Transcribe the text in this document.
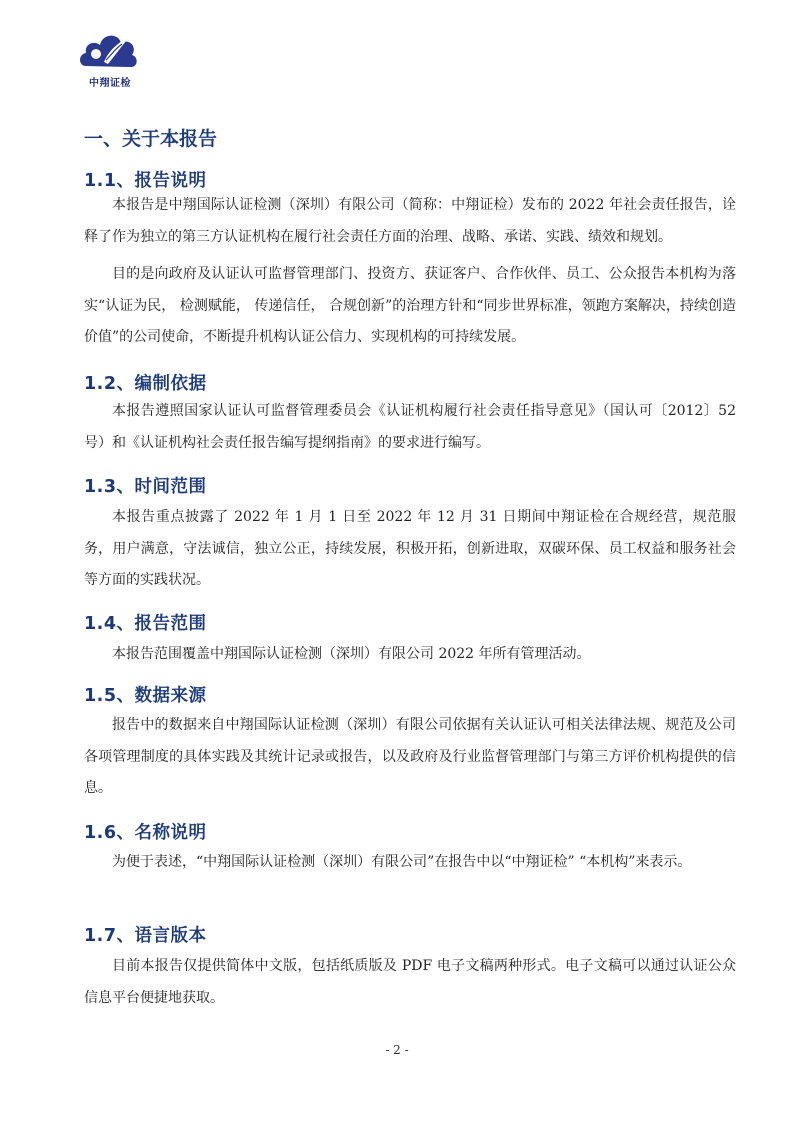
中翔证检
一、关于本报告
1.1、报告说明
本报告是中翔国际认证检测（深圳）有限公司（简称：中翔证检）发布的 2022 年社会责任报告，诠释了作为独立的第三方认证机构在履行社会责任方面的治理、战略、承诺、实践、绩效和规划。
目的是向政府及认证认可监督管理部门、投资方、获证客户、合作伙伴、员工、公众报告本机构为落实“认证为民， 检测赋能， 传递信任， 合规创新”的治理方针和“同步世界标准，领跑方案解决，持续创造价值”的公司使命，不断提升机构认证公信力、实现机构的可持续发展。
1.2、编制依据
本报告遵照国家认证认可监督管理委员会《认证机构履行社会责任指导意见》（国认可〔2012〕52 号）和《认证机构社会责任报告编写提纲指南》的要求进行编写。
1.3、时间范围
本报告重点披露了 2022 年 1 月 1 日至 2022 年 12 月 31 日期间中翔证检在合规经营，规范服务，用户满意，守法诚信，独立公正，持续发展，积极开拓，创新进取，双碳环保、员工权益和服务社会等方面的实践状况。
1.4、报告范围
本报告范围覆盖中翔国际认证检测（深圳）有限公司 2022 年所有管理活动。
1.5、数据来源
报告中的数据来自中翔国际认证检测（深圳）有限公司依据有关认证认可相关法律法规、规范及公司各项管理制度的具体实践及其统计记录或报告，以及政府及行业监督管理部门与第三方评价机构提供的信息。
1.6、名称说明
为便于表述，“中翔国际认证检测（深圳）有限公司”在报告中以“中翔证检” “本机构”来表示。
1.7、语言版本
目前本报告仅提供简体中文版，包括纸质版及 PDF 电子文稿两种形式。电子文稿可以通过认证公众信息平台便捷地获取。
- 2 -
